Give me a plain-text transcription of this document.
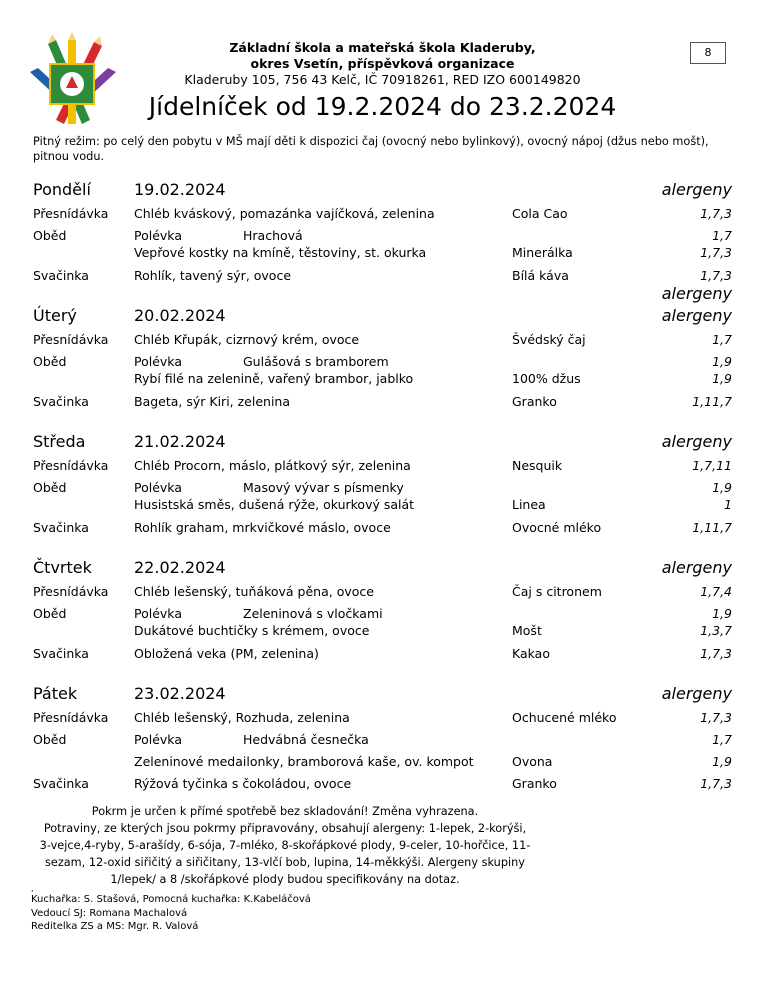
Základní škola a mateřská škola Kladeruby,
okres Vsetín, příspěvková organizace
Kladeruby 105, 756 43 Kelč, IČ 70918261, RED IZO 600149820
8
Jídelníček od 19.2.2024 do 23.2.2024
Pitný režim: po celý den pobytu v MŠ mají děti k dispozici čaj (ovocný nebo bylinkový), ovocný nápoj (džus nebo mošt), pitnou vodu.
Pondělí	19.02.2024	alergeny
Přesnídávka Chléb kváskový, pomazánka vajíčková, zelenina	Cola Cao	1,7,3
Oběd	Polévka	Hrachová	1,7
Vepřové kostky na kmíně, těstoviny, st. okurka	Minerálka	1,7,3
Svačinka	Rohlík, tavený sýr, ovoce	Bílá káva	1,7,3
Úterý	20.02.2024	alergeny
Přesnídávka Chléb Křupák, cizrnový krém, ovoce	Švédský čaj	1,7
Oběd	Polévka	Gulášová s bramborem	1,9
Rybí filé na zelenině, vařený brambor, jablko	100% džus	1,9
Svačinka	Bageta, sýr Kiri, zelenina	Granko	1,11,7
Středa	21.02.2024	alergeny
Přesnídávka Chléb Procorn, máslo, plátkový sýr, zelenina	Nesquik	1,7,11
Oběd	Polévka	Masový vývar s písmenky	1,9
Husistská směs, dušená rýže, okurkový salát	Linea	1
Svačinka	Rohlík graham, mrkvičkové máslo, ovoce	Ovocné mléko	1,11,7
Čtvrtek	22.02.2024	alergeny
Přesnídávka Chléb lešenský, tuňáková pěna, ovoce	Čaj s citronem	1,7,4
Oběd	Polévka	Zeleninová s vločkami	1,9
Dukátové buchtičky s krémem, ovoce	Mošt	1,3,7
Svačinka	Obložená veka (PM, zelenina)	Kakao	1,7,3
Pátek	23.02.2024	alergeny
Přesnídávka Chléb lešenský, Rozhuda, zelenina	Ochucené mléko	1,7,3
Oběd	Polévka	Hedvábná česnečka	1,7
Zeleninové medailonky, bramborová kaše, ov. kompot	Ovona	1,9
Svačinka	Rýžová tyčinka s čokoládou, ovoce	Granko	1,7,3
alergeny
Pokrm je určen k přímé spotřebě bez skladování! Změna vyhrazena.
Potraviny, ze kterých jsou pokrmy připravovány, obsahují alergeny: 1-lepek, 2-korýši,
3-vejce,4-ryby, 5-arašídy, 6-sója, 7-mléko, 8-skořápkové plody, 9-celer, 10-hořčice, 11-
sezam, 12-oxid siřičitý a siřičitany, 13-vlčí bob, lupina, 14-měkkýši. Alergeny skupiny
1/lepek/ a 8 /skořápkové plody budou specifikovány na dotaz.
,
Kuchařka: S. Stašová, Pomocná kuchařka: K.Kabeláčová
Vedoucí SJ: Romana Machalová
Reditelka ZS a MS: Mgr. R. Valová
